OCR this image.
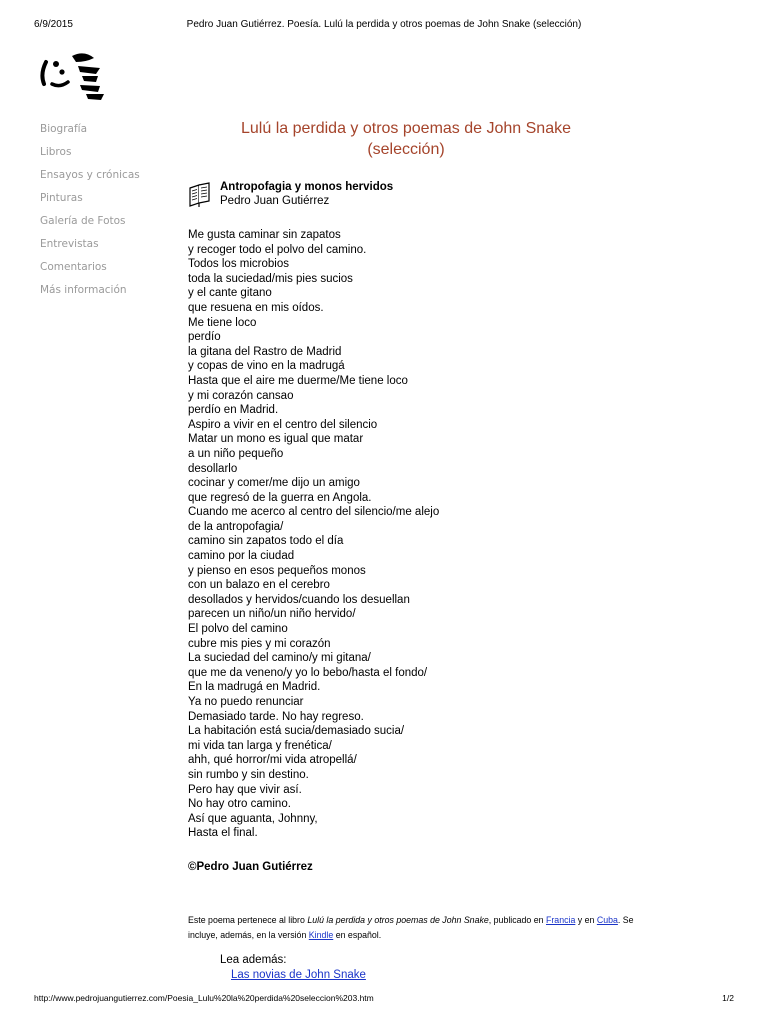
6/9/2015	Pedro Juan Gutiérrez. Poesía. Lulú la perdida y otros poemas de John Snake (selección)
Biografía
Libros
Ensayos y crónicas
Pinturas
Galería de Fotos
Entrevistas
Comentarios
Más información
Lulú la perdida y otros poemas de John Snake
(selección)
Antropofagia y monos hervidos
Pedro Juan Gutiérrez
Me gusta caminar sin zapatos
y recoger todo el polvo del camino.
Todos los microbios
toda la suciedad/mis pies sucios
y el cante gitano
que resuena en mis oídos.
Me tiene loco
perdío
la gitana del Rastro de Madrid
y copas de vino en la madrugá
Hasta que el aire me duerme/Me tiene loco
y mi corazón cansao
perdío en Madrid.
Aspiro a vivir en el centro del silencio
Matar un mono es igual que matar
a un niño pequeño
desollarlo
cocinar y comer/me dijo un amigo
que regresó de la guerra en Angola.
Cuando me acerco al centro del silencio/me alejo
de la antropofagia/
camino sin zapatos todo el día
camino por la ciudad
y pienso en esos pequeños monos
con un balazo en el cerebro
desollados y hervidos/cuando los desuellan
parecen un niño/un niño hervido/
El polvo del camino
cubre mis pies y mi corazón
La suciedad del camino/y mi gitana/
que me da veneno/y yo lo bebo/hasta el fondo/
En la madrugá en Madrid.
Ya no puedo renunciar
Demasiado tarde. No hay regreso.
La habitación está sucia/demasiado sucia/
mi vida tan larga y frenética/
ahh, qué horror/mi vida atropellá/
sin rumbo y sin destino.
Pero hay que vivir así.
No hay otro camino.
Así que aguanta, Johnny,
Hasta el final.
©Pedro Juan Gutiérrez
Este poema pertenece al libro Lulú la perdida y otros poemas de John Snake, publicado en Francia y en Cuba. Se incluye, además, en la versión Kindle en español.
Lea además:
Las novias de John Snake
http://www.pedrojuangutierrez.com/Poesia_Lulu%20la%20perdida%20seleccion%203.htm	1/2
